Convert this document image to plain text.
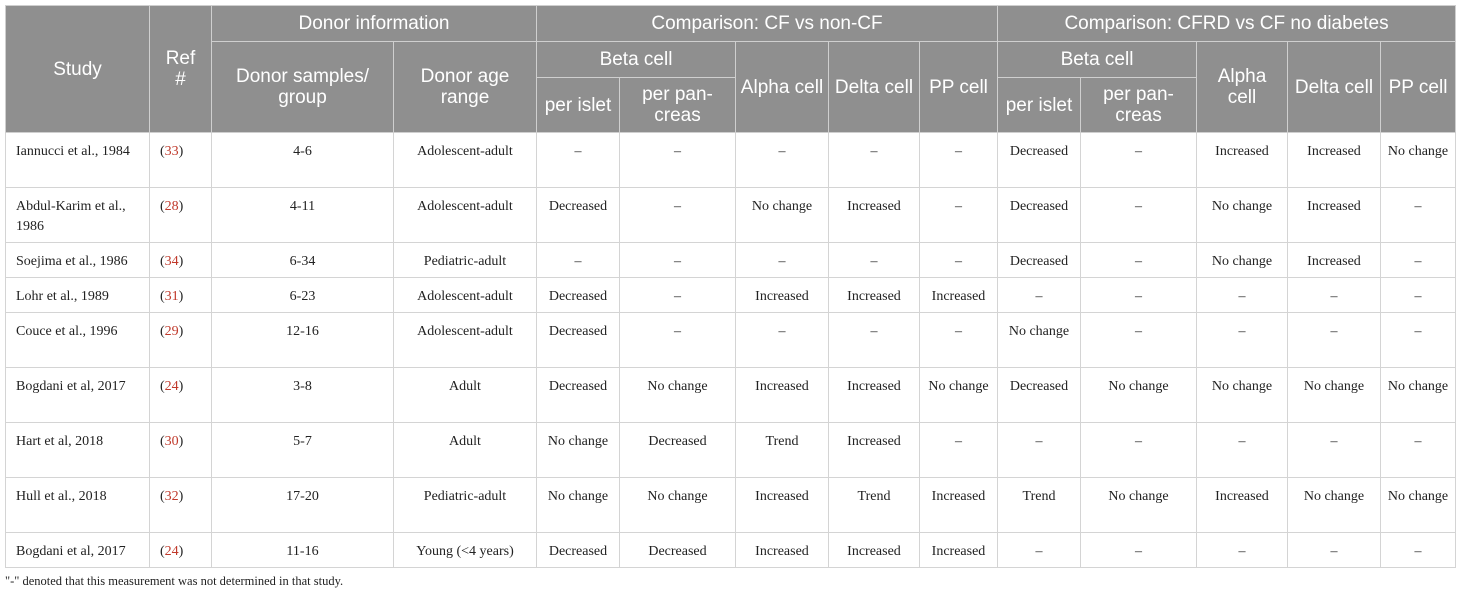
Study	Ref
#	Donor information		Comparison: CF vs non-CF					Comparison: CFRD vs CF no diabetes				
		Donor samples/ group	Donor age range	Beta cell		Alpha cell	Delta cell	PP cell	Beta cell		Alpha cell	Delta cell	PP cell
				per islet	per pan- creas				per islet	per pan- creas			
Iannucci et al., 1984	(33)	4-6	Adolescent-adult	–	–	–	–	–	Decreased	–	Increased	Increased	No change
Abdul-Karim et al., 1986	(28)	4-11	Adolescent-adult	Decreased	–	No change	Increased	–	Decreased	–	No change	Increased	–
Soejima et al., 1986	(34)	6-34	Pediatric-adult	–	–	–	–	–	Decreased	–	No change	Increased	–
Lohr et al., 1989	(31)	6-23	Adolescent-adult	Decreased	–	Increased	Increased	Increased	–	–	–	–	–
Couce et al., 1996	(29)	12-16	Adolescent-adult	Decreased	–	–	–	–	No change	–	–	–	–
Bogdani et al, 2017	(24)	3-8	Adult	Decreased	No change	Increased	Increased	No change	Decreased	No change	No change	No change	No change
Hart et al, 2018	(30)	5-7	Adult	No change	Decreased	Trend	Increased	–	–	–	–	–	–
Hull et al., 2018	(32)	17-20	Pediatric-adult	No change	No change	Increased	Trend	Increased	Trend	No change	Increased	No change	No change
Bogdani et al, 2017	(24)	11-16	Young (<4 years)	Decreased	Decreased	Increased	Increased	Increased	–	–	–	–	–
"-" denoted that this measurement was not determined in that study.
